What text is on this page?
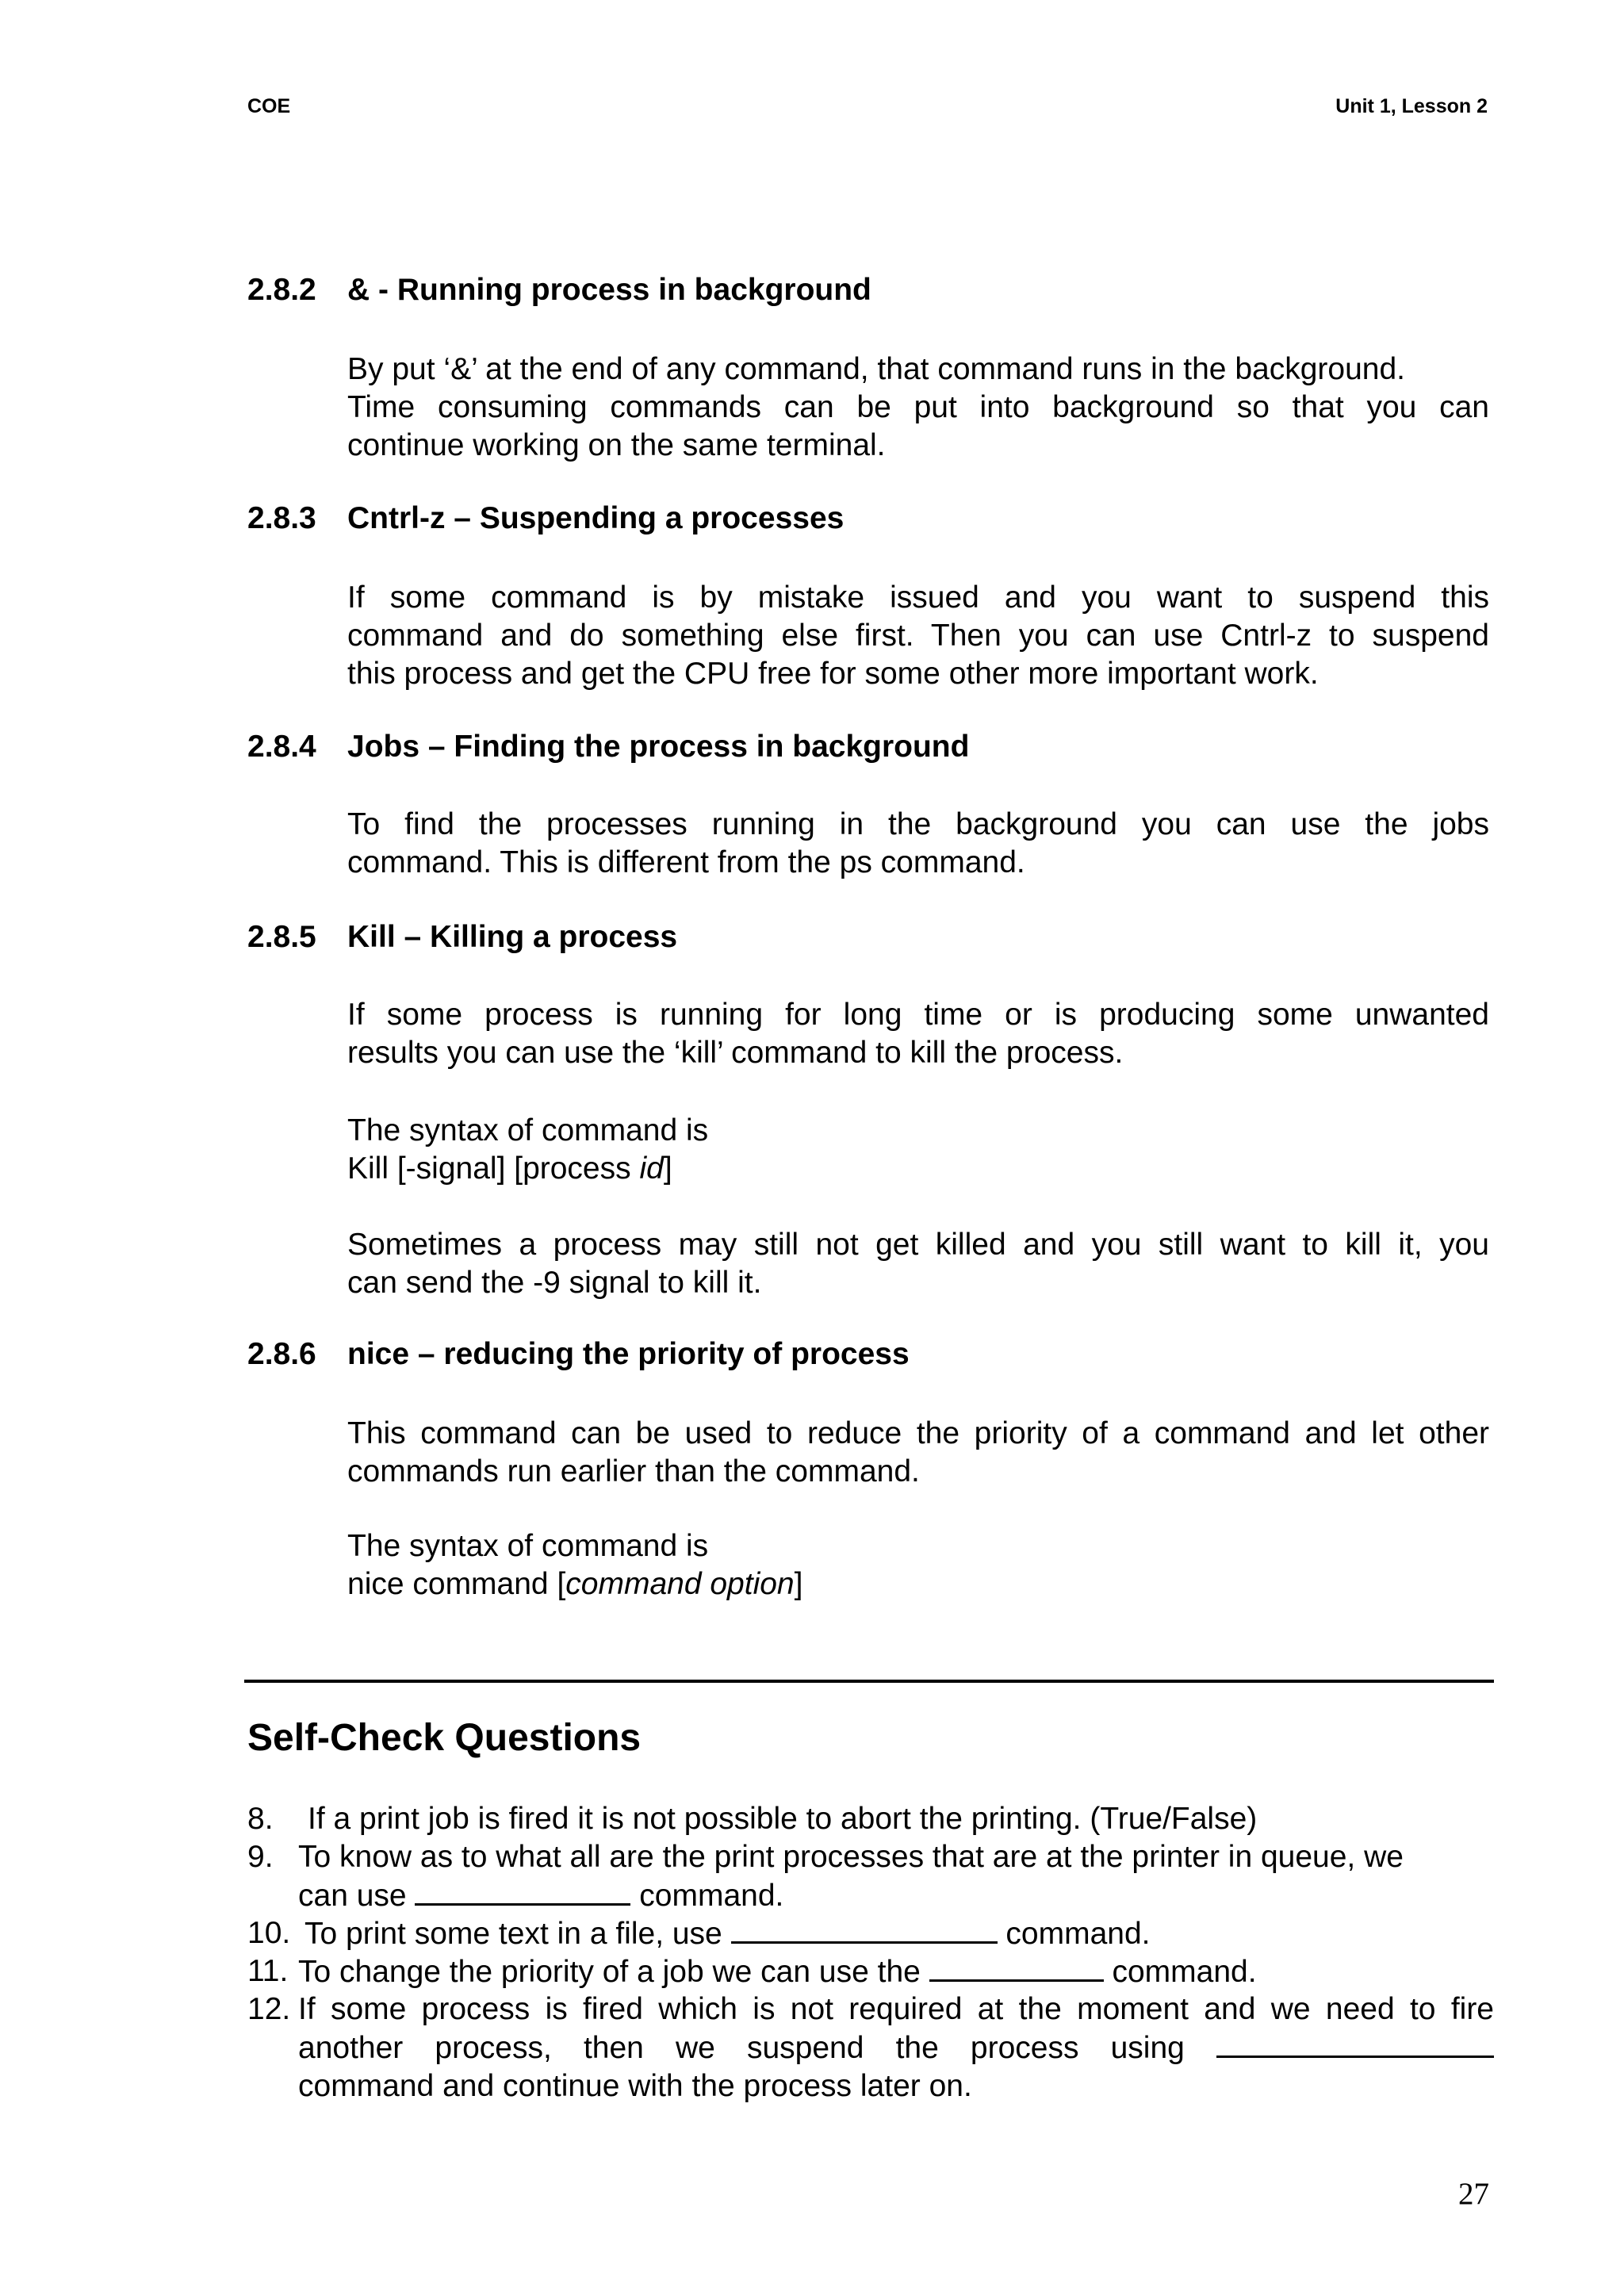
COE	Unit 1, Lesson 2
2.8.2 & - Running process in background
By put ‘&’ at the end of any command, that command runs in the background.
Time consuming commands can be put into background so that you can
continue working on the same terminal.
2.8.3 Cntrl-z – Suspending a processes
If some command is by mistake issued and you want to suspend this
command and do something else first. Then you can use Cntrl-z to suspend
this process and get the CPU free for some other more important work.
2.8.4 Jobs – Finding the process in background
To find the processes running in the background you can use the jobs
command. This is different from the ps command.
2.8.5 Kill – Killing a process
If some process is running for long time or is producing some unwanted
results you can use the ‘kill’ command to kill the process.
The syntax of command is
Kill [-signal] [process id]
Sometimes a process may still not get killed and you still want to kill it, you
can send the -9 signal to kill it.
2.8.6 nice – reducing the priority of process
This command can be used to reduce the priority of a command and let other
commands run earlier than the command.
The syntax of command is
nice command [command option]
Self-Check Questions
8. If a print job is fired it is not possible to abort the printing. (True/False)
9. To know as to what all are the print processes that are at the printer in queue, we
can use	command.
10. To print some text in a file, use	command.
11. To change the priority of a job we can use the	command.
12. If some process is fired which is not required at the moment and we need to fire
another process, then we suspend the process using
command and continue with the process later on.
27
